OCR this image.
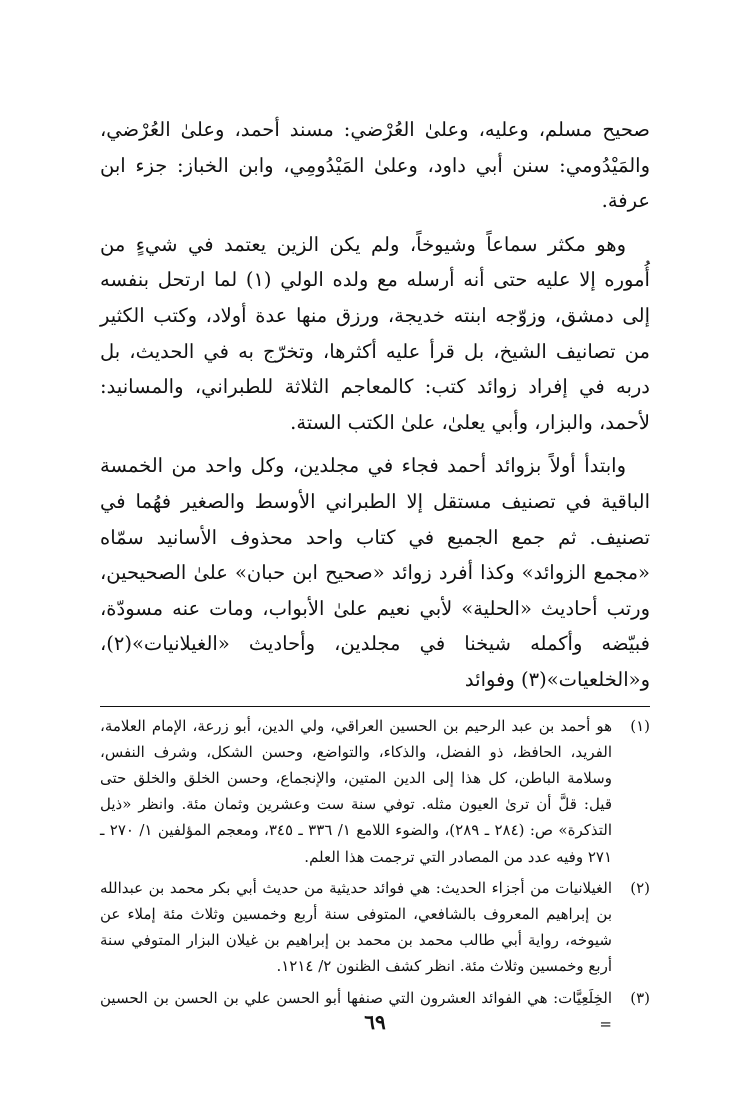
صحيح مسلم، وعليه، وعلىٰ العُرْضي: مسند أحمد، وعلىٰ العُرْضي، والمَيْدُومي: سنن أبي داود، وعلىٰ المَيْدُومِي، وابن الخباز: جزء ابن عرفة.

وهو مكثر سماعاً وشيوخاً، ولم يكن الزين يعتمد في شيءٍ من أُموره إلا عليه حتى أنه أرسله مع ولده الولي (١) لما ارتحل بنفسه إلى دمشق، وزوّجه ابنته خديجة، ورزق منها عدة أولاد، وكتب الكثير من تصانيف الشيخ، بل قرأ عليه أكثرها، وتخرّج به في الحديث، بل دربه في إفراد زوائد كتب: كالمعاجم الثلاثة للطبراني، والمسانيد: لأحمد، والبزار، وأبي يعلىٰ، علىٰ الكتب الستة.

وابتدأ أولاً بزوائد أحمد فجاء في مجلدين، وكل واحد من الخمسة الباقية في تصنيف مستقل إلا الطبراني الأوسط والصغير فهُما في تصنيف. ثم جمع الجميع في كتاب واحد محذوف الأسانيد سمّاه «مجمع الزوائد» وكذا أفرد زوائد «صحيح ابن حبان» علىٰ الصحيحين، ورتب أحاديث «الحلية» لأبي نعيم علىٰ الأبواب، ومات عنه مسودّة، فبيّضه وأكمله شيخنا في مجلدين، وأحاديث «الغيلانيات»(٢)، و«الخلعيات»(٣) وفوائد

(١)
هو أحمد بن عبد الرحيم بن الحسين العراقي، ولي الدين، أبو زرعة، الإمام العلامة، الفريد، الحافظ، ذو الفضل، والذكاء، والتواضع، وحسن الشكل، وشرف النفس، وسلامة الباطن، كل هذا إلى الدين المتين، والإنجماع، وحسن الخلق والخلق حتى قيل: قلَّ أن ترىٰ العيون مثله. توفي سنة ست وعشرين وثمان مئة. وانظر «ذيل التذكرة» ص: (٢٨٤ ـ ٢٨٩)، والضوء اللامع ١/ ٣٣٦ ـ ٣٤٥، ومعجم المؤلفين ١/ ٢٧٠ ـ ٢٧١ وفيه عدد من المصادر التي ترجمت هذا العلم.
(٢)
الغيلانيات من أجزاء الحديث: هي فوائد حديثية من حديث أبي بكر محمد بن عبدالله بن إبراهيم المعروف بالشافعي، المتوفى سنة أربع وخمسين وثلاث مئة إملاء عن شيوخه، رواية أبي طالب محمد بن محمد بن إبراهيم بن غيلان البزار المتوفي سنة أربع وخمسين وثلاث مئة. انظر كشف الظنون ٢/ ١٢١٤.
(٣)
الخِلَعِيَّات: هي الفوائد العشرون التي صنفها أبو الحسن علي بن الحسن بن الحسين =
٦٩
